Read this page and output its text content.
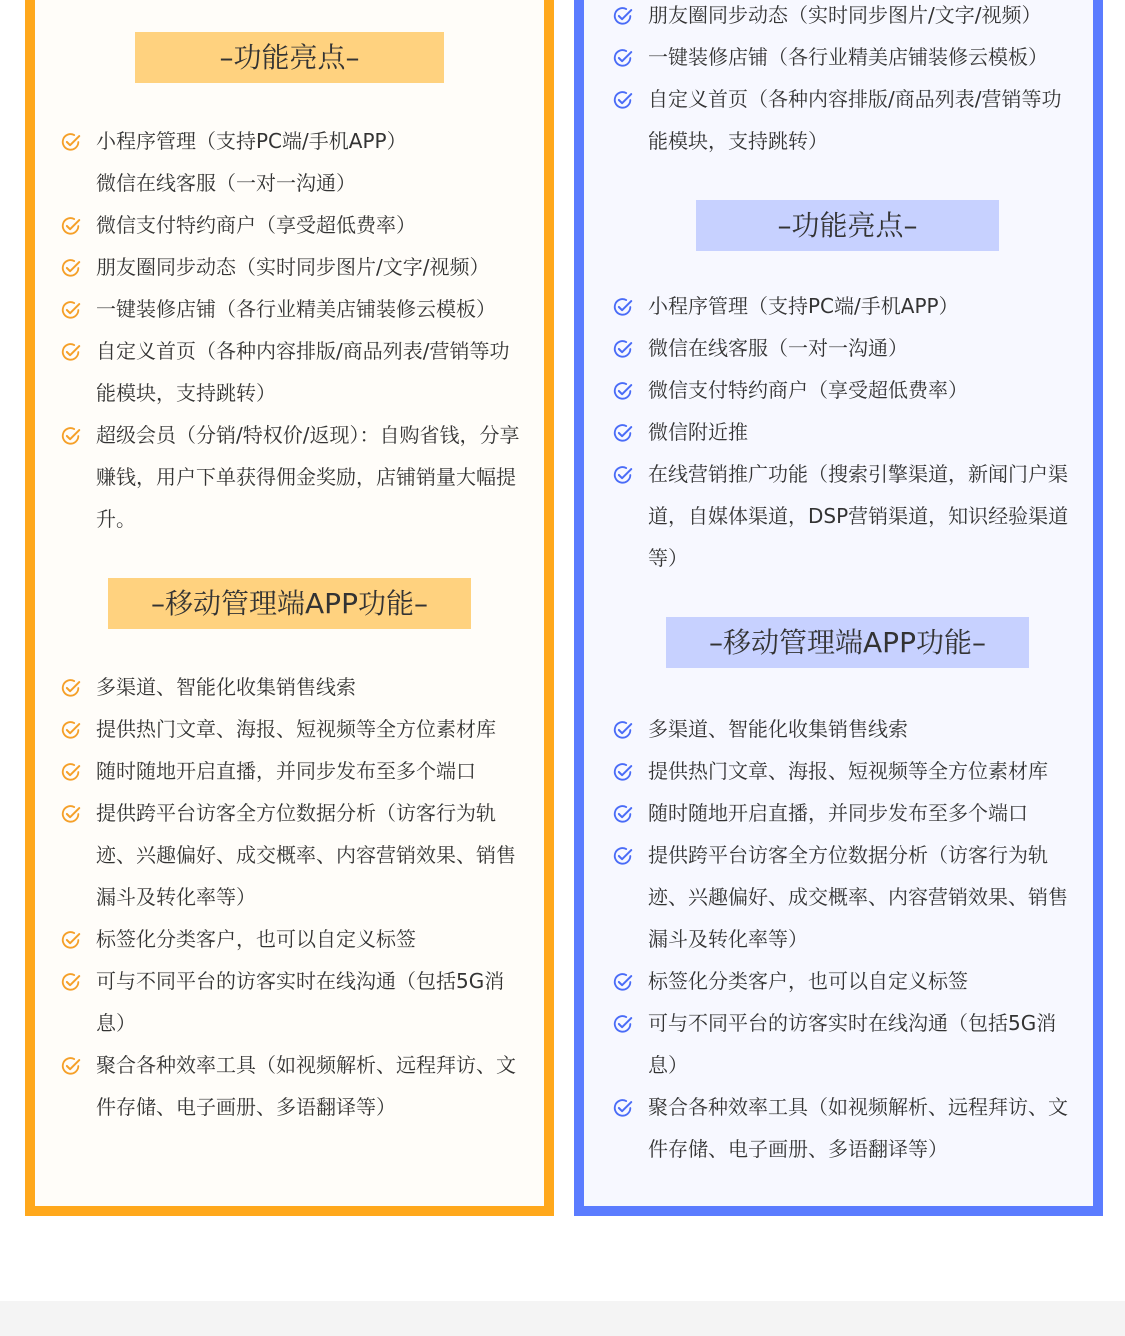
–功能亮点–
–移动管理端APP功能–
–功能亮点–
–移动管理端APP功能–
小程序管理（支持PC端/手机APP）
微信在线客服（一对一沟通）
微信支付特约商户（享受超低费率）
朋友圈同步动态（实时同步图片/文字/视频）
一键装修店铺（各行业精美店铺装修云模板）
自定义首页（各种内容排版/商品列表/营销等功能模块，支持跳转）
超级会员（分销/特权价/返现）：自购省钱，分享赚钱，用户下单获得佣金奖励，店铺销量大幅提升。
多渠道、智能化收集销售线索
提供热门文章、海报、短视频等全方位素材库
随时随地开启直播，并同步发布至多个端口
提供跨平台访客全方位数据分析（访客行为轨迹、兴趣偏好、成交概率、内容营销效果、销售漏斗及转化率等）
标签化分类客户，也可以自定义标签
可与不同平台的访客实时在线沟通（包括5G消息）
聚合各种效率工具（如视频解析、远程拜访、文件存储、电子画册、多语翻译等）
朋友圈同步动态（实时同步图片/文字/视频）
一键装修店铺（各行业精美店铺装修云模板）
自定义首页（各种内容排版/商品列表/营销等功能模块，支持跳转）
小程序管理（支持PC端/手机APP）
微信在线客服（一对一沟通）
微信支付特约商户（享受超低费率）
微信附近推
在线营销推广功能（搜索引擎渠道，新闻门户渠道，自媒体渠道，DSP营销渠道，知识经验渠道等）
多渠道、智能化收集销售线索
提供热门文章、海报、短视频等全方位素材库
随时随地开启直播，并同步发布至多个端口
提供跨平台访客全方位数据分析（访客行为轨迹、兴趣偏好、成交概率、内容营销效果、销售漏斗及转化率等）
标签化分类客户，也可以自定义标签
可与不同平台的访客实时在线沟通（包括5G消息）
聚合各种效率工具（如视频解析、远程拜访、文件存储、电子画册、多语翻译等）
